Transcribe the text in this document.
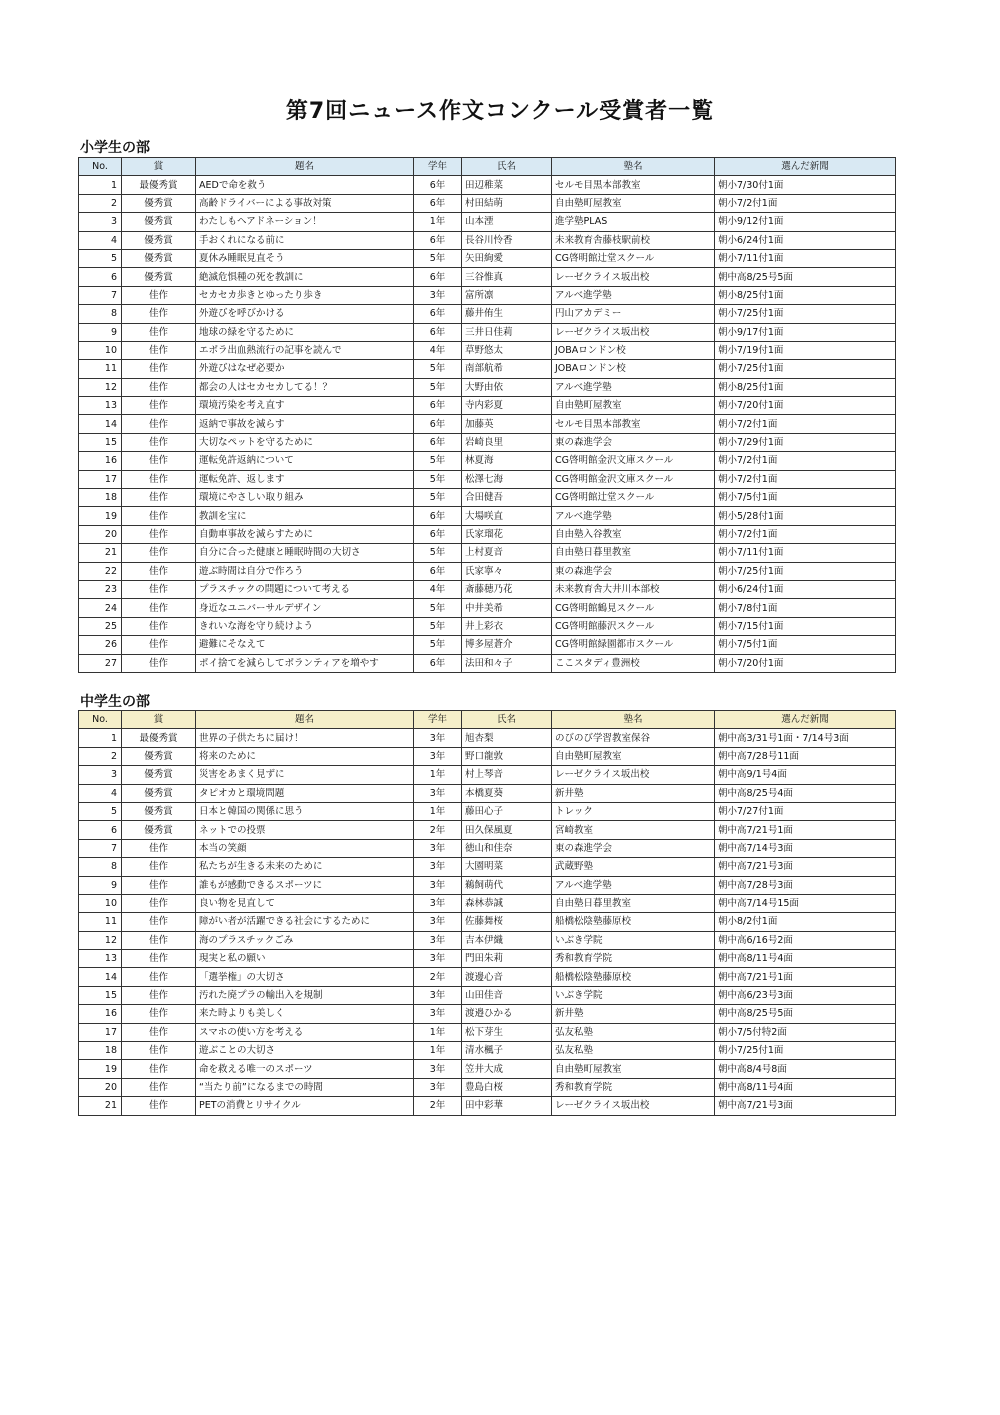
第7回ニュース作文コンクール受賞者一覧
小学生の部
No.	賞	題名	学年	氏名	塾名	選んだ新聞
1	最優秀賞	AEDで命を救う	6年	田辺稚菜	セルモ目黒本部教室	朝小7/30付1面
2	優秀賞	高齢ドライバーによる事故対策	6年	村田結萌	自由塾町屋教室	朝小7/2付1面
3	優秀賞	わたしもヘアドネーション！	1年	山本湮	進学塾PLAS	朝小9/12付1面
4	優秀賞	手おくれになる前に	6年	長谷川怜香	未来教育舎藤枝駅前校	朝小6/24付1面
5	優秀賞	夏休み睡眠見直そう	5年	矢田絢愛	CG啓明館辻堂スクール	朝小7/11付1面
6	優秀賞	絶滅危惧種の死を教訓に	6年	三谷惟真	レーゼクライス坂出校	朝中高8/25号5面
7	佳作	セカセカ歩きとゆったり歩き	3年	富所凛	アルベ進学塾	朝小8/25付1面
8	佳作	外遊びを呼びかける	6年	藤井侑生	円山アカデミー	朝小7/25付1面
9	佳作	地球の緑を守るために	6年	三井日佳莉	レーゼクライス坂出校	朝小9/17付1面
10	佳作	エボラ出血熱流行の記事を読んで	4年	草野悠太	JOBAロンドン校	朝小7/19付1面
11	佳作	外遊びはなぜ必要か	5年	南部航希	JOBAロンドン校	朝小7/25付1面
12	佳作	都会の人はセカセカしてる！？	5年	大野由依	アルベ進学塾	朝小8/25付1面
13	佳作	環境汚染を考え直す	6年	寺内彩夏	自由塾町屋教室	朝小7/20付1面
14	佳作	返納で事故を減らす	6年	加藤英	セルモ目黒本部教室	朝小7/2付1面
15	佳作	大切なペットを守るために	6年	岩崎良里	東の森進学会	朝小7/29付1面
16	佳作	運転免許返納について	5年	林夏海	CG啓明館金沢文庫スクール	朝小7/2付1面
17	佳作	運転免許、返します	5年	松澤七海	CG啓明館金沢文庫スクール	朝小7/2付1面
18	佳作	環境にやさしい取り組み	5年	合田健吾	CG啓明館辻堂スクール	朝小7/5付1面
19	佳作	教訓を宝に	6年	大場咲直	アルベ進学塾	朝小5/28付1面
20	佳作	自動車事故を減らすために	6年	氏家瑠花	自由塾入谷教室	朝小7/2付1面
21	佳作	自分に合った健康と睡眠時間の大切さ	5年	上村夏音	自由塾日暮里教室	朝小7/11付1面
22	佳作	遊ぶ時間は自分で作ろう	6年	氏家寧々	東の森進学会	朝小7/25付1面
23	佳作	プラスチックの問題について考える	4年	斎藤穂乃花	未来教育舎大井川本部校	朝小6/24付1面
24	佳作	身近なユニバーサルデザイン	5年	中井美希	CG啓明館鶴見スクール	朝小7/8付1面
25	佳作	きれいな海を守り続けよう	5年	井上彩衣	CG啓明館藤沢スクール	朝小7/15付1面
26	佳作	避難にそなえて	5年	博多屋蒼介	CG啓明館緑園都市スクール	朝小7/5付1面
27	佳作	ポイ捨てを減らしてボランティアを増やす	6年	法田和々子	ここスタディ豊洲校	朝小7/20付1面
中学生の部
No.	賞	題名	学年	氏名	塾名	選んだ新聞
1	最優秀賞	世界の子供たちに届け！	3年	旭杏梨	のびのび学習教室保谷	朝中高3/31号1面・7/14号3面
2	優秀賞	将来のために	3年	野口龍敦	自由塾町屋教室	朝中高7/28号11面
3	優秀賞	災害をあまく見ずに	1年	村上琴音	レーゼクライス坂出校	朝中高9/1号4面
4	優秀賞	タピオカと環境問題	3年	本橋夏葵	新井塾	朝中高8/25号4面
5	優秀賞	日本と韓国の関係に思う	1年	藤田心子	トレック	朝小7/27付1面
6	優秀賞	ネットでの投票	2年	田久保風夏	宮崎教室	朝中高7/21号1面
7	佳作	本当の笑顔	3年	徳山和佳奈	東の森進学会	朝中高7/14号3面
8	佳作	私たちが生きる未来のために	3年	大園明菜	武蔵野塾	朝中高7/21号3面
9	佳作	誰もが感動できるスポーツに	3年	鵜飼萌代	アルベ進学塾	朝中高7/28号3面
10	佳作	良い物を見直して	3年	森林恭誠	自由塾日暮里教室	朝中高7/14号15面
11	佳作	障がい者が活躍できる社会にするために	3年	佐藤舞桜	船橋松陰塾藤原校	朝小8/2付1面
12	佳作	海のプラスチックごみ	3年	吉本伊織	いぶき学院	朝中高6/16号2面
13	佳作	現実と私の願い	3年	門田朱莉	秀和教育学院	朝中高8/11号4面
14	佳作	「選挙権」の大切さ	2年	渡邊心音	船橋松陰塾藤原校	朝中高7/21号1面
15	佳作	汚れた廃プラの輸出入を規制	3年	山田佳音	いぶき学院	朝中高6/23号3面
16	佳作	来た時よりも美しく	3年	渡邉ひかる	新井塾	朝中高8/25号5面
17	佳作	スマホの使い方を考える	1年	松下芽生	弘友私塾	朝小7/5付特2面
18	佳作	遊ぶことの大切さ	1年	清水楓子	弘友私塾	朝小7/25付1面
19	佳作	命を救える唯一のスポーツ	3年	笠井大成	自由塾町屋教室	朝中高8/4号8面
20	佳作	“当たり前”になるまでの時間	3年	豊島白桜	秀和教育学院	朝中高8/11号4面
21	佳作	PETの消費とリサイクル	2年	田中彩華	レーゼクライス坂出校	朝中高7/21号3面
